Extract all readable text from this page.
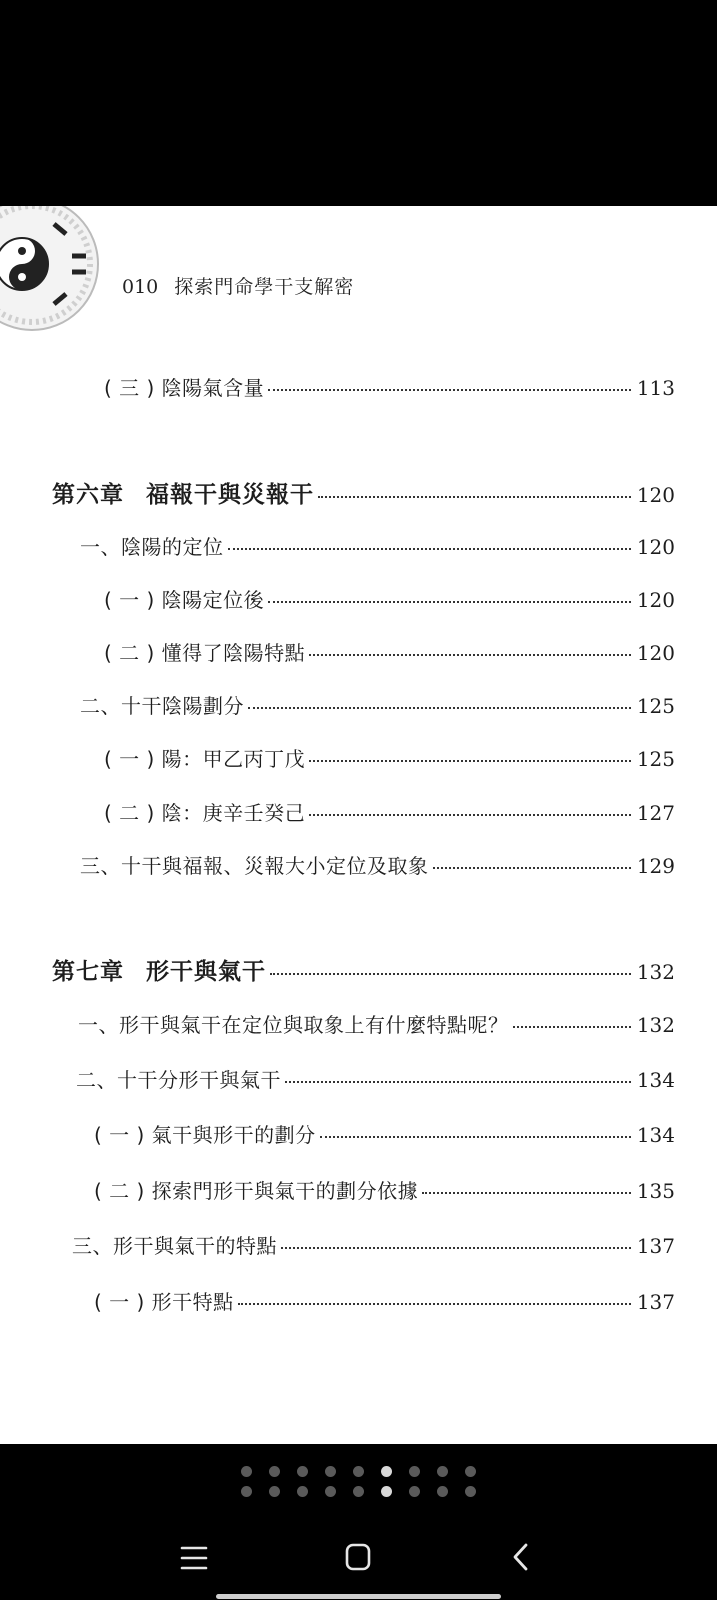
010 探索門命學干支解密
( 三 ) 陰陽氣含量	113
第六章 福報干與災報干	120
一、陰陽的定位	120
( 一 ) 陰陽定位後	120
( 二 ) 懂得了陰陽特點	120
二、十干陰陽劃分	125
( 一 ) 陽：甲乙丙丁戊	125
( 二 ) 陰：庚辛壬癸己	127
三、十干與福報、災報大小定位及取象	129
第七章 形干與氣干	132
一、形干與氣干在定位與取象上有什麼特點呢？	132
二、十干分形干與氣干	134
( 一 ) 氣干與形干的劃分	134
( 二 ) 探索門形干與氣干的劃分依據	135
三、形干與氣干的特點	137
( 一 ) 形干特點	137
